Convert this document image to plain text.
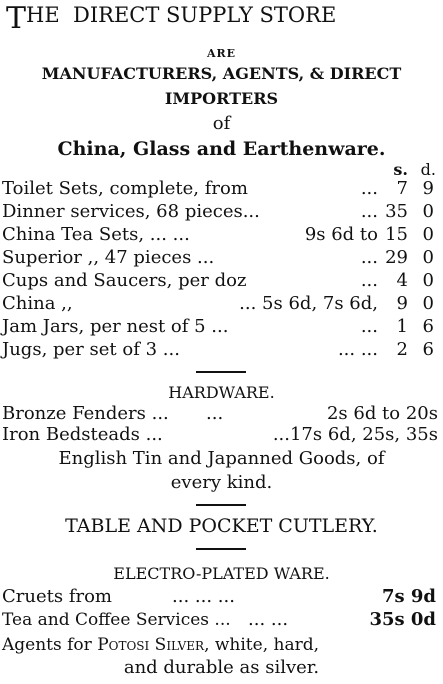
THE  DIRECT SUPPLY STORE
ARE
MANUFACTURERS, AGENTS, & DIRECT
IMPORTERS
of
China, Glass and Earthenware.
s. d.
Toilet Sets, complete, from	... 7 9
Dinner services, 68 pieces...	... 35 0
China Tea Sets, ... ...	9s 6d to 15 0
Superior ,, 47 pieces ...	... 29 0
Cups and Saucers, per doz	... 4 0
China ,,	... 5s 6d, 7s 6d, 9 0
Jam Jars, per nest of 5 ...	... 1 6
Jugs, per set of 3 ...	... ... 2 6
HARDWARE.
Bronze Fenders ... ...	2s 6d to 20s
Iron Bedsteads ...	...17s 6d, 25s, 35s
English Tin and Japanned Goods, of
every kind.
TABLE AND POCKET CUTLERY.
ELECTRO-PLATED WARE.
Cruets from	... ... ...	7s 9d
Tea and Coffee Services ... ... ...	35s 0d
Agents for Potosi Silver, white, hard,
and durable as silver.
